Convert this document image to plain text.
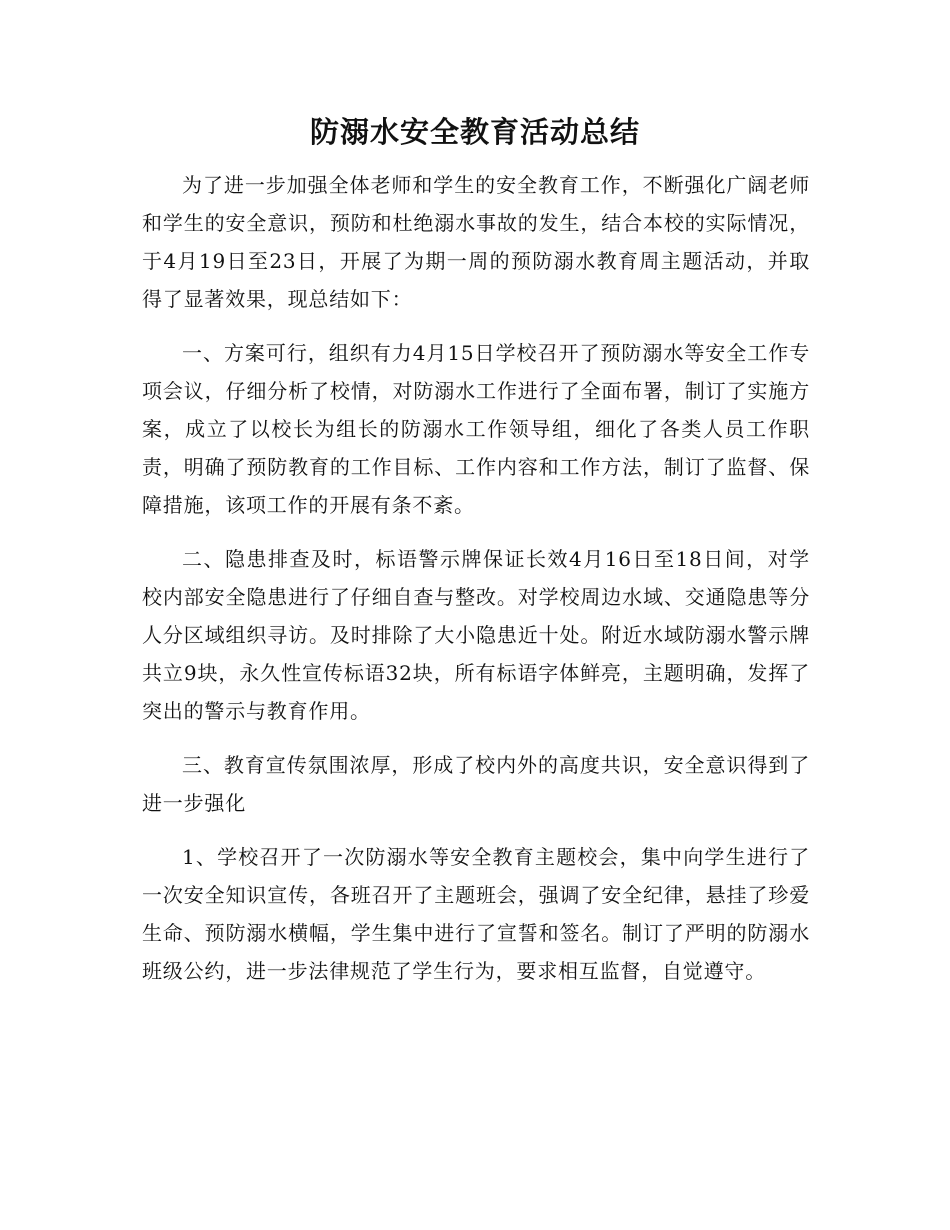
防溺水安全教育活动总结

为了进一步加强全体老师和学生的安全教育工作，不断强化广阔老师和学生的安全意识，预防和杜绝溺水事故的发生，结合本校的实际情况，于4月19日至23日，开展了为期一周的预防溺水教育周主题活动，并取得了显著效果，现总结如下：

一、方案可行，组织有力4月15日学校召开了预防溺水等安全工作专项会议，仔细分析了校情，对防溺水工作进行了全面布署，制订了实施方案，成立了以校长为组长的防溺水工作领导组，细化了各类人员工作职责，明确了预防教育的工作目标、工作内容和工作方法，制订了监督、保障措施，该项工作的开展有条不紊。

二、隐患排查及时，标语警示牌保证长效4月16日至18日间，对学校内部安全隐患进行了仔细自查与整改。对学校周边水域、交通隐患等分人分区域组织寻访。及时排除了大小隐患近十处。附近水域防溺水警示牌共立9块，永久性宣传标语32块，所有标语字体鲜亮，主题明确，发挥了突出的警示与教育作用。

三、教育宣传氛围浓厚，形成了校内外的高度共识，安全意识得到了进一步强化

1、学校召开了一次防溺水等安全教育主题校会，集中向学生进行了一次安全知识宣传，各班召开了主题班会，强调了安全纪律，悬挂了珍爱生命、预防溺水横幅，学生集中进行了宣誓和签名。制订了严明的防溺水班级公约，进一步法律规范了学生行为，要求相互监督，自觉遵守。
